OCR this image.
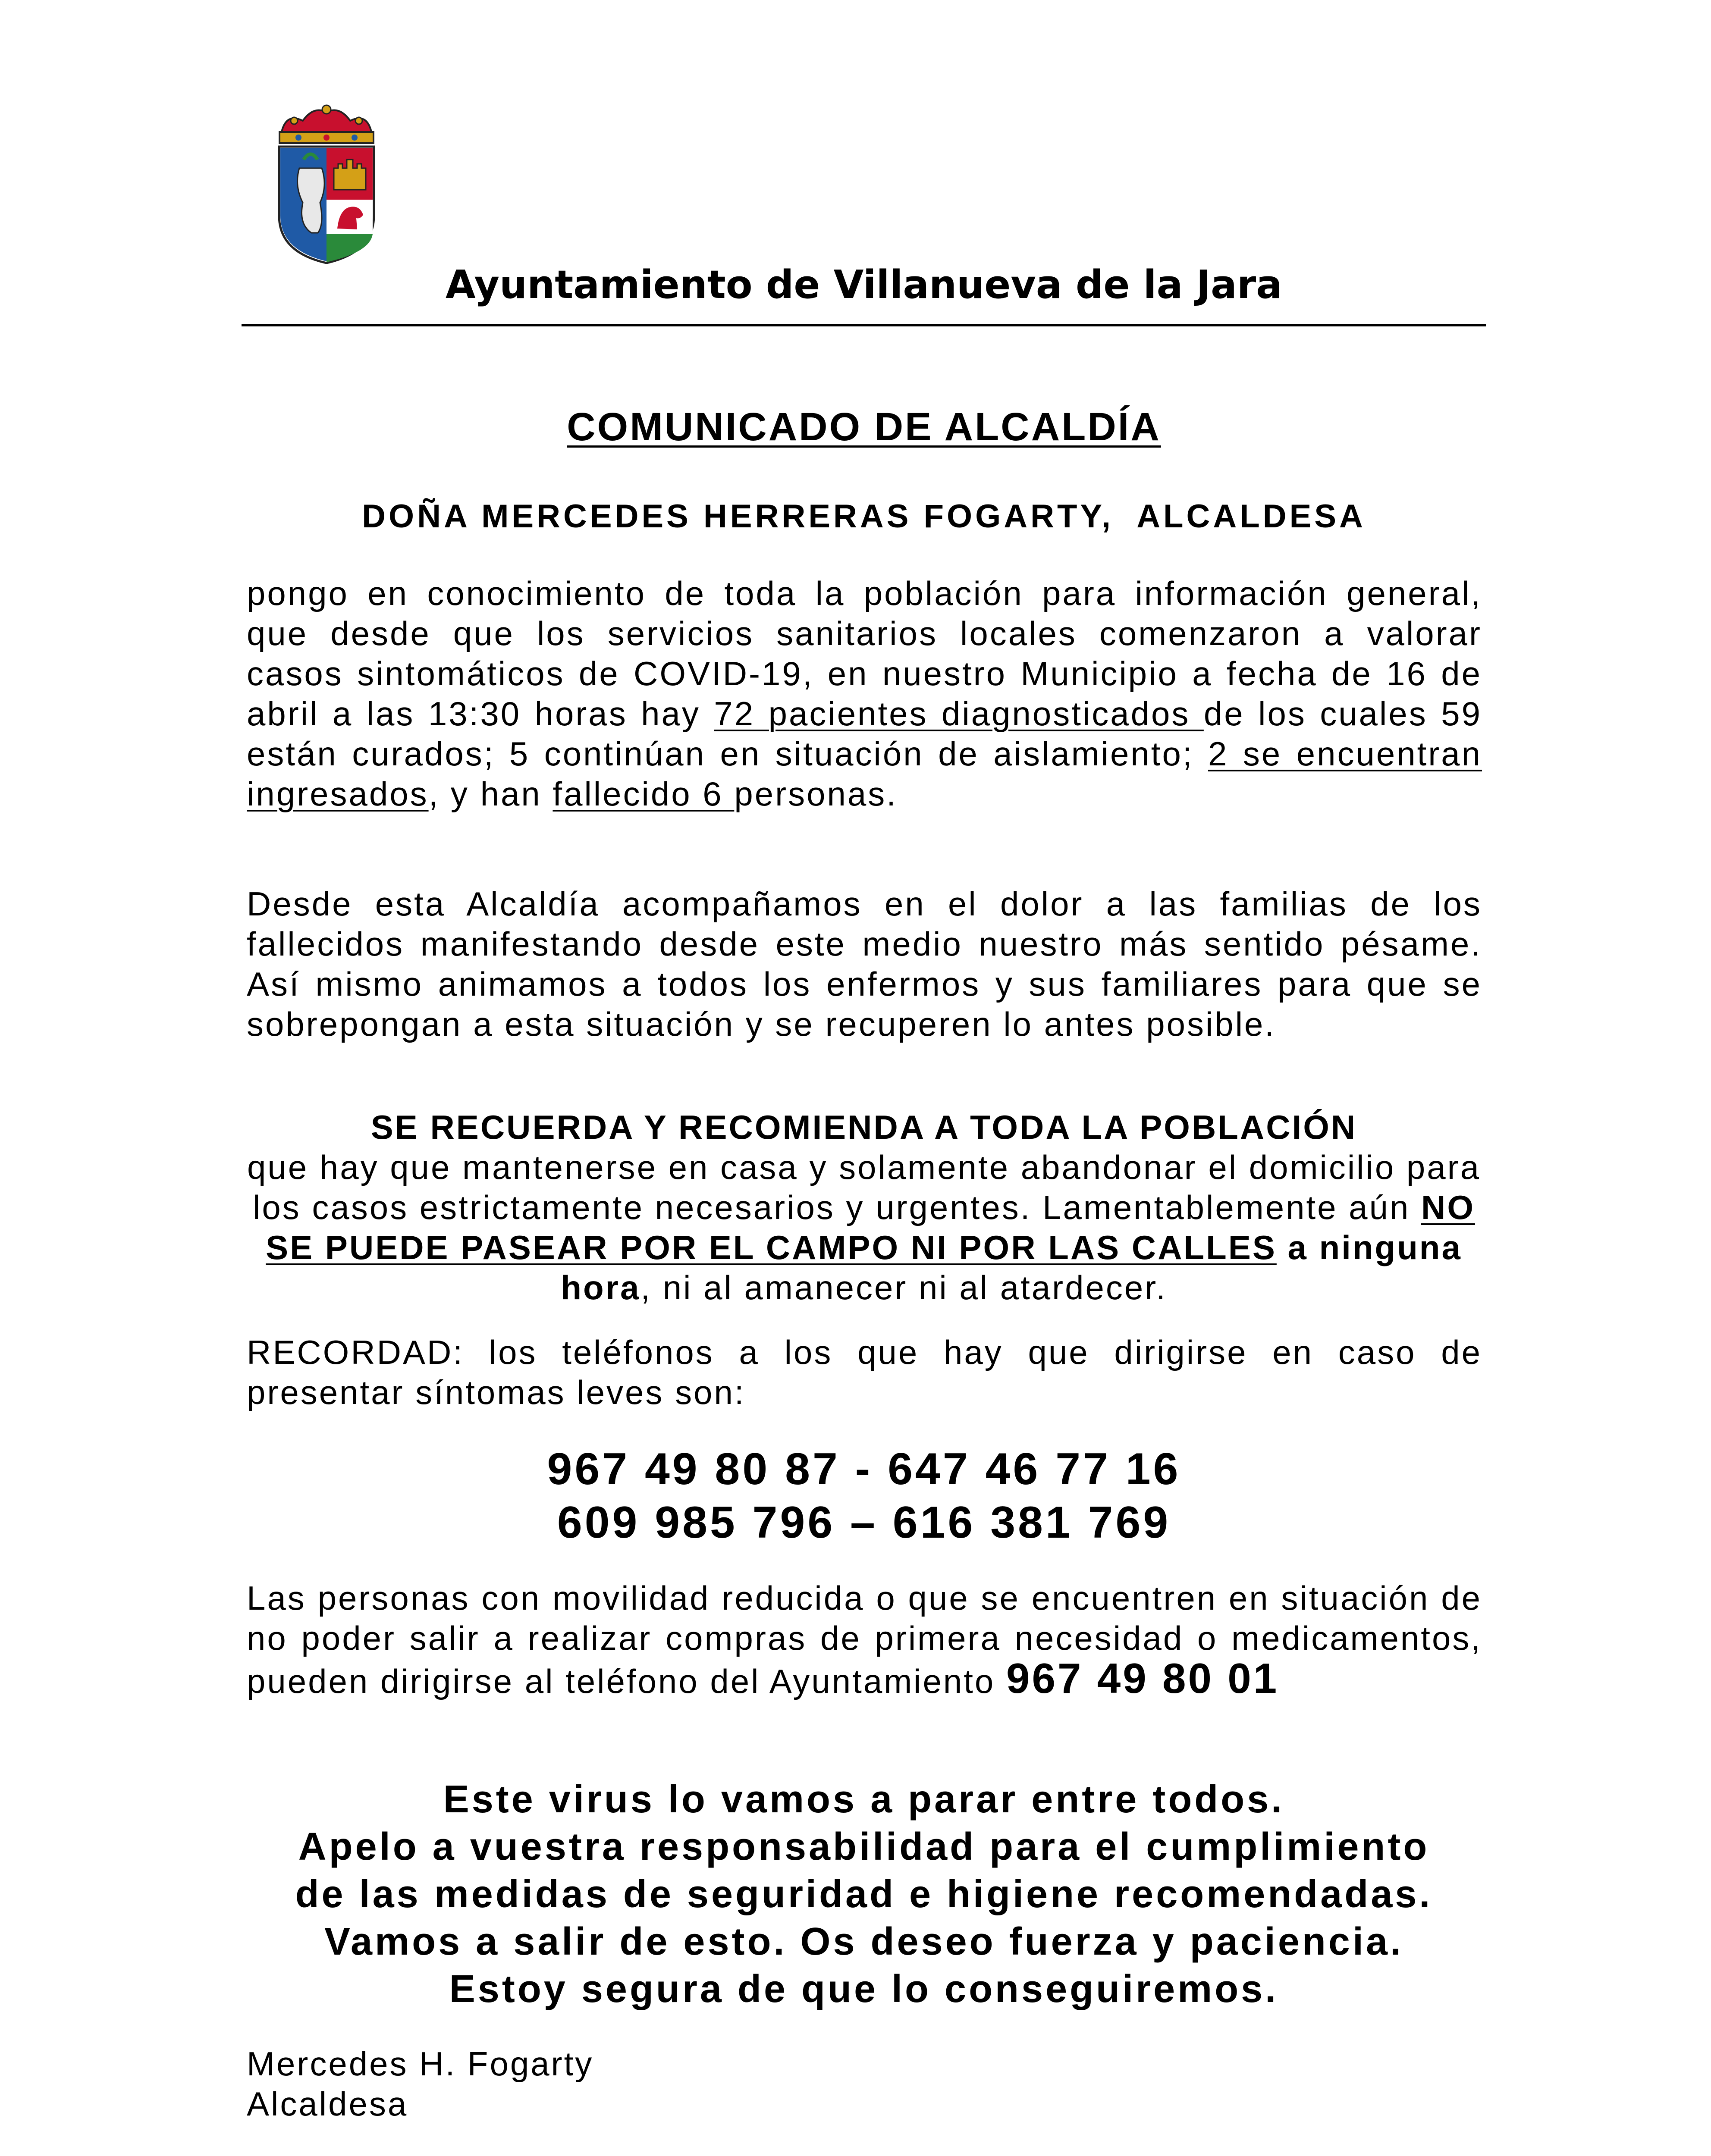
Ayuntamiento de Villanueva de la Jara
COMUNICADO DE ALCALDÍA
DOÑA MERCEDES HERRERAS FOGARTY,  ALCALDESA

pongo en conocimiento de toda la población para información general, que desde que los servicios sanitarios locales comenzaron a valorar casos sintomáticos de COVID-19, en nuestro Municipio a fecha de 16 de abril a las 13:30 horas hay 72 pacientes diagnosticados de los cuales 59 están curados; 5 continúan en situación de aislamiento; 2 se encuentran ingresados, y han fallecido 6 personas.

Desde esta Alcaldía acompañamos en el dolor a las familias de los fallecidos manifestando desde este medio nuestro más sentido pésame. Así mismo animamos a todos los enfermos y sus familiares para que se sobrepongan a esta situación y se recuperen lo antes posible.

SE RECUERDA Y RECOMIENDA A TODA LA POBLACIÓN
que hay que mantenerse en casa y solamente abandonar el domicilio para los casos estrictamente necesarios y urgentes. Lamentablemente aún NO SE PUEDE PASEAR POR EL CAMPO NI POR LAS CALLES a ninguna hora, ni al amanecer ni al atardecer.

RECORDAD: los teléfonos a los que hay que dirigirse en caso de presentar síntomas leves son:

967 49 80 87 - 647 46 77 16
609 985 796 – 616 381 769

Las personas con movilidad reducida o que se encuentren en situación de no poder salir a realizar compras de primera necesidad o medicamentos, pueden dirigirse al teléfono del Ayuntamiento 967 49 80 01

Este virus lo vamos a parar entre todos.
Apelo a vuestra responsabilidad para el cumplimiento
de las medidas de seguridad e higiene recomendadas.
Vamos a salir de esto. Os deseo fuerza y paciencia.
Estoy segura de que lo conseguiremos.
Mercedes H. Fogarty
Alcaldesa
